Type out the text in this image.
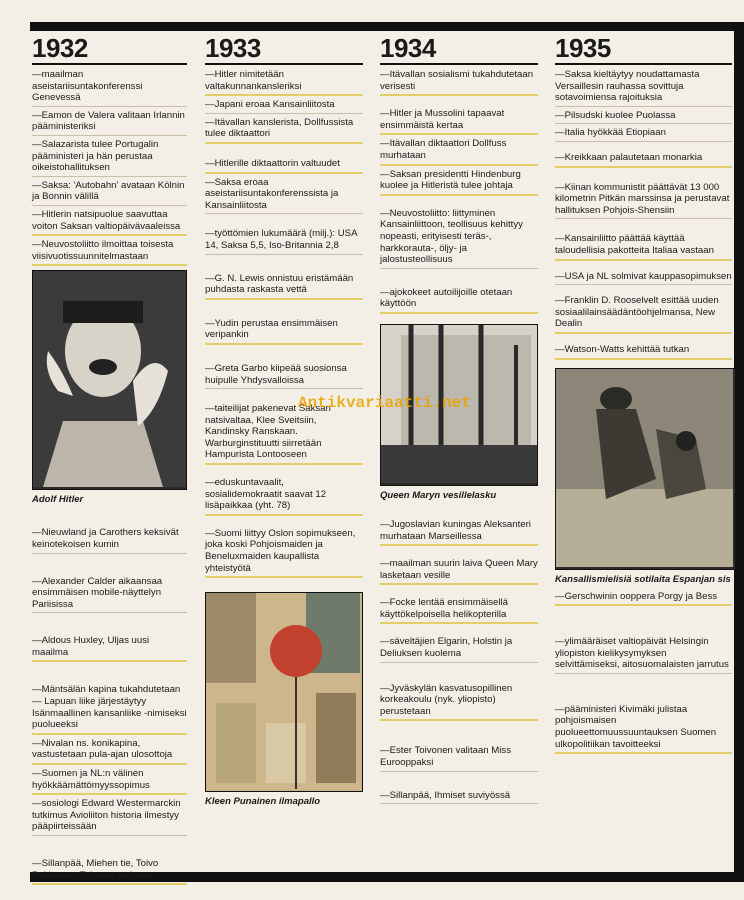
1932
—maailman aseistariisuntakonferenssi Genevessä
—Eamon de Valera valitaan Irlannin pääministeriksi
—Salazarista tulee Portugalin pääministeri ja hän perustaa oikeistohallituksen
—Saksa: 'Autobahn' avataan Kölnin ja Bonnin välillä
—Hitlerin natsipuolue saavuttaa voiton Saksan valtiopäivävaaleissa
—Neuvostoliitto ilmoittaa toisesta viisivuotissuunnitelmastaan
Adolf Hitler
—Nieuwland ja Carothers keksivät keinotekoisen kumin
—Alexander Calder aikaansaa ensimmäisen mobile-näyttelyn Pariisissa
—Aldous Huxley, Uljas uusi maailma
—Mäntsälän kapina tukahdutetaan — Lapuan liike järjestäytyy Isänmaallinen kansanliike -nimiseksi puolueeksi
—Nivalan ns. konikapina, vastustetaan pula-ajan ulosottoja
—Suomen ja NL:n välinen hyökkäämättömyyssopimus
—sosiologi Edward Westermarckin tutkimus Avioliiton historia ilmestyy pääpiirteissään
—Sillanpää, Miehen tie, Toivo Pekkanen, Tehtaan varjossa
1933
—Hitler nimitetään valtakunnankansleriksi
—Japani eroaa Kansainliitosta
—Itävallan kanslerista, Dollfussista tulee diktaattori
—Hitlerille diktaattorin valtuudet
—Saksa eroaa aseistariisuntakonferenssista ja Kansainliitosta
—työttömien lukumäärä (milj.): USA 14, Saksa 5,5, Iso-Britannia 2,8
—G. N. Lewis onnistuu eristämään puhdasta raskasta vettä
—Yudin perustaa ensimmäisen veripankin
—Greta Garbo kiipeää suosionsa huipulle Yhdysvalloissa
—taiteilijat pakenevat Saksan natsivaltaa, Klee Sveitsiin, Kandinsky Ranskaan. Warburginstituutti siirretään Hampurista Lontooseen
—eduskuntavaalit, sosialidemokraatit saavat 12 lisäpaikkaa (yht. 78)
—Suomi liittyy Oslon sopimukseen, joka koski Pohjoismaiden ja Beneluxmaiden kaupallista yhteistyötä
Kleen Punainen ilmapallo
1934
—Itävallan sosialismi tukahdutetaan verisesti
—Hitler ja Mussolini tapaavat ensimmäistä kertaa
—Itävallan diktaattori Dollfuss murhataan
—Saksan presidentti Hindenburg kuolee ja Hitleristä tulee johtaja
—Neuvostoliitto: liittyminen Kansainliittoon, teollisuus kehittyy nopeasti, erityisesti teräs-, harkkorauta-, öljy- ja jalostusteollisuus
—ajokokeet autoilijoille otetaan käyttöön
Queen Maryn vesillelasku
—Jugoslavian kuningas Aleksanteri murhataan Marseillessa
—maailman suurin laiva Queen Mary lasketaan vesille
—Focke lentää ensimmäisellä käyttökelpoisella helikopterilla
—säveltäjien Elgarin, Holstin ja Deliuksen kuolema
—Jyväskylän kasvatusopillinen korkeakoulu (nyk. yliopisto) perustetaan
—Ester Toivonen valitaan Miss Eurooppaksi
—Sillanpää, Ihmiset suviyössä
1935
—Saksa kieltäytyy noudattamasta Versaillesin rauhassa sovittuja sotavoimiensa rajoituksia
—Pilsudski kuolee Puolassa
—Italia hyökkää Etiopiaan
—Kreikkaan palautetaan monarkia
—Kiinan kommunistit päättävät 13 000 kilometrin Pitkän marssinsa ja perustavat hallituksen Pohjois-Shensiin
—Kansainliitto päättää käyttää taloudellisia pakotteita Italiaa vastaan
—USA ja NL solmivat kauppasopimuksen
—Franklin D. Rooselvelt esittää uuden sosiaalilainsäädäntöohjelmansa, New Dealin
—Watson-Watts kehittää tutkan
Kansallismielisiä sotilaita Espanjan sis
—Gerschwinin ooppera Porgy ja Bess
—ylimääräiset valtiopäivät Helsingin yliopiston kielikysymyksen selvittämiseksi, aitosuomalaisten jarrutus
—pääministeri Kivimäki julistaa pohjoismaisen puolueettomuussuuntauksen Suomen ulkopolitiikan tavoitteeksi
Antikvariaatti.net
